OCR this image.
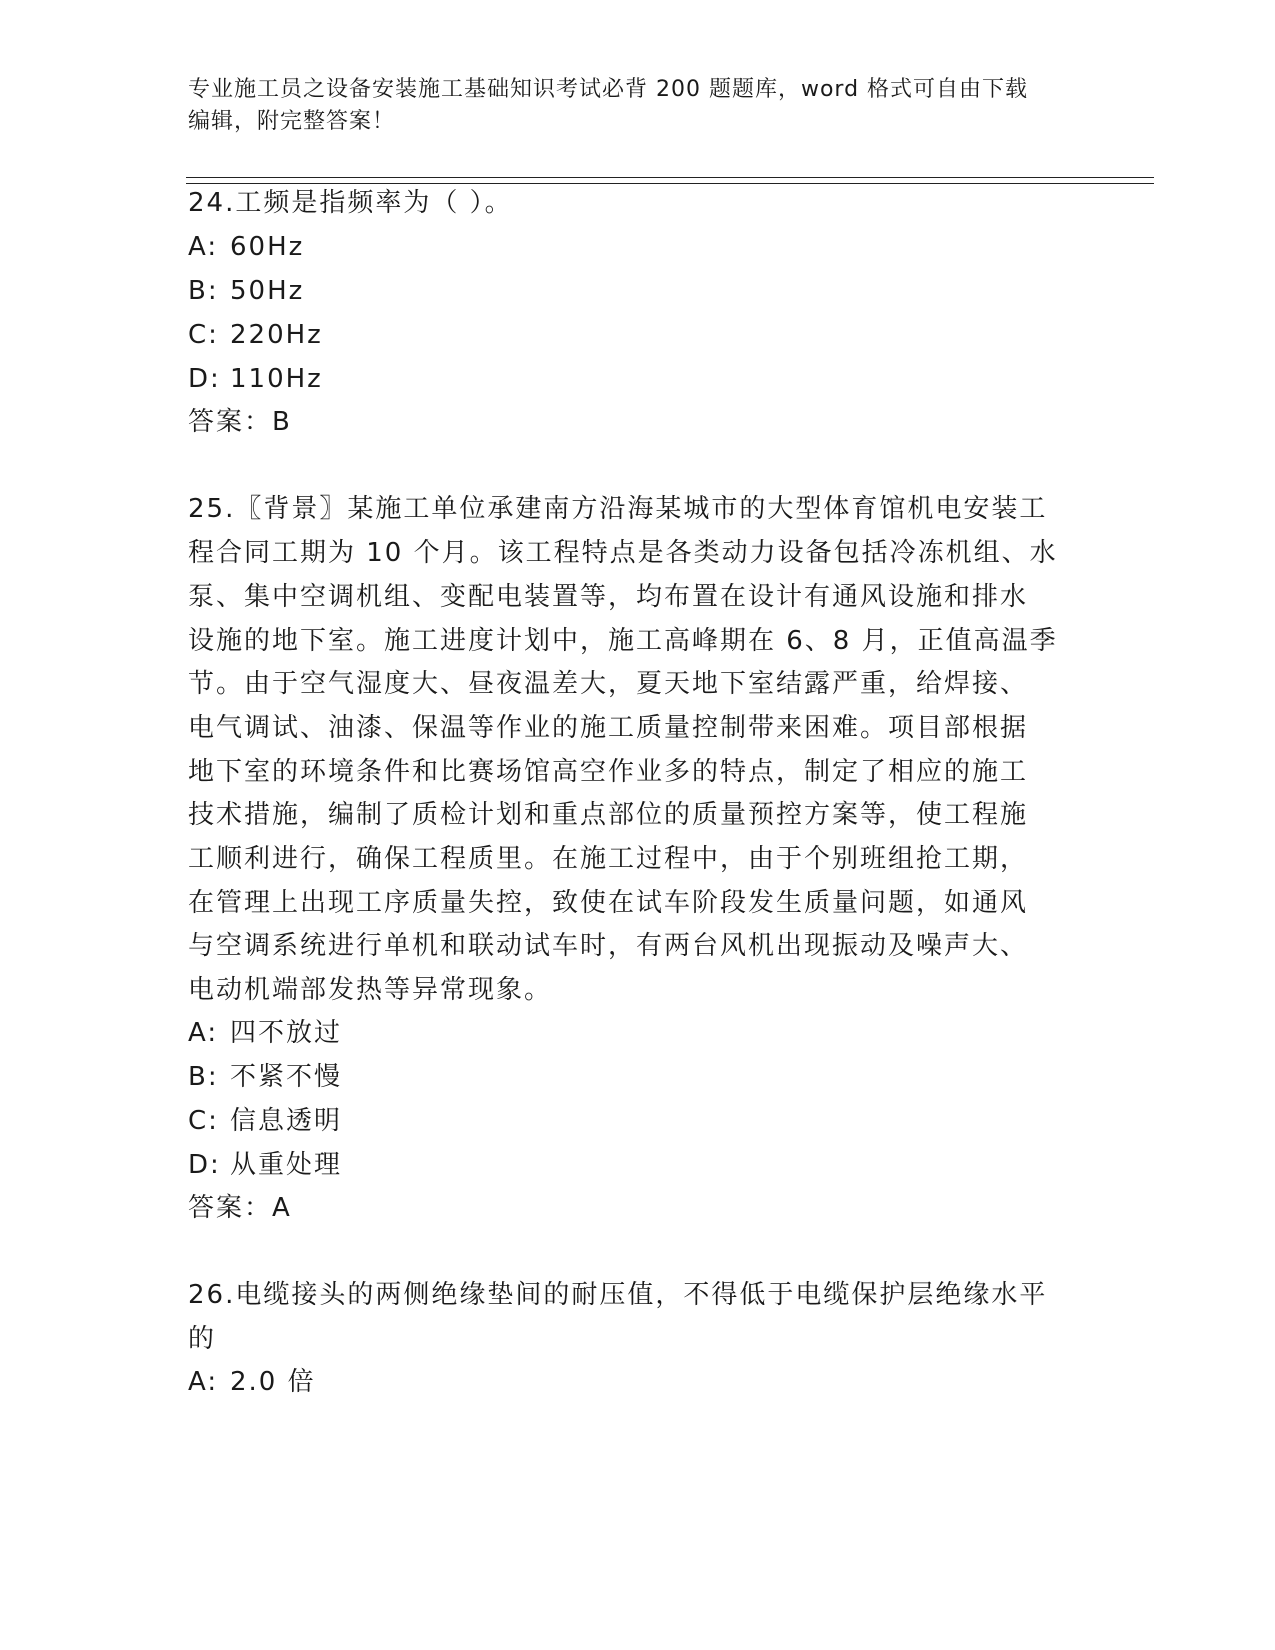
专业施工员之设备安装施工基础知识考试必背 200 题题库，word 格式可自由下载
编辑，附完整答案！
24.工频是指频率为（ ）。
A: 60Hz
B: 50Hz
C: 220Hz
D: 110Hz
答案：B
25.〖背景〗某施工单位承建南方沿海某城市的大型体育馆机电安装工
程合同工期为 10 个月。该工程特点是各类动力设备包括冷冻机组、水
泵、集中空调机组、变配电装置等，均布置在设计有通风设施和排水
设施的地下室。施工进度计划中，施工高峰期在 6、8 月，正值高温季
节。由于空气湿度大、昼夜温差大，夏天地下室结露严重，给焊接、
电气调试、油漆、保温等作业的施工质量控制带来困难。项目部根据
地下室的环境条件和比赛场馆高空作业多的特点，制定了相应的施工
技术措施，编制了质检计划和重点部位的质量预控方案等，使工程施
工顺利进行，确保工程质里。在施工过程中，由于个别班组抢工期，
在管理上出现工序质量失控，致使在试车阶段发生质量问题，如通风
与空调系统进行单机和联动试车时，有两台风机出现振动及噪声大、
电动机端部发热等异常现象。
A: 四不放过
B: 不紧不慢
C: 信息透明
D: 从重处理
答案：A
26.电缆接头的两侧绝缘垫间的耐压值，不得低于电缆保护层绝缘水平
的
A: 2.0 倍
